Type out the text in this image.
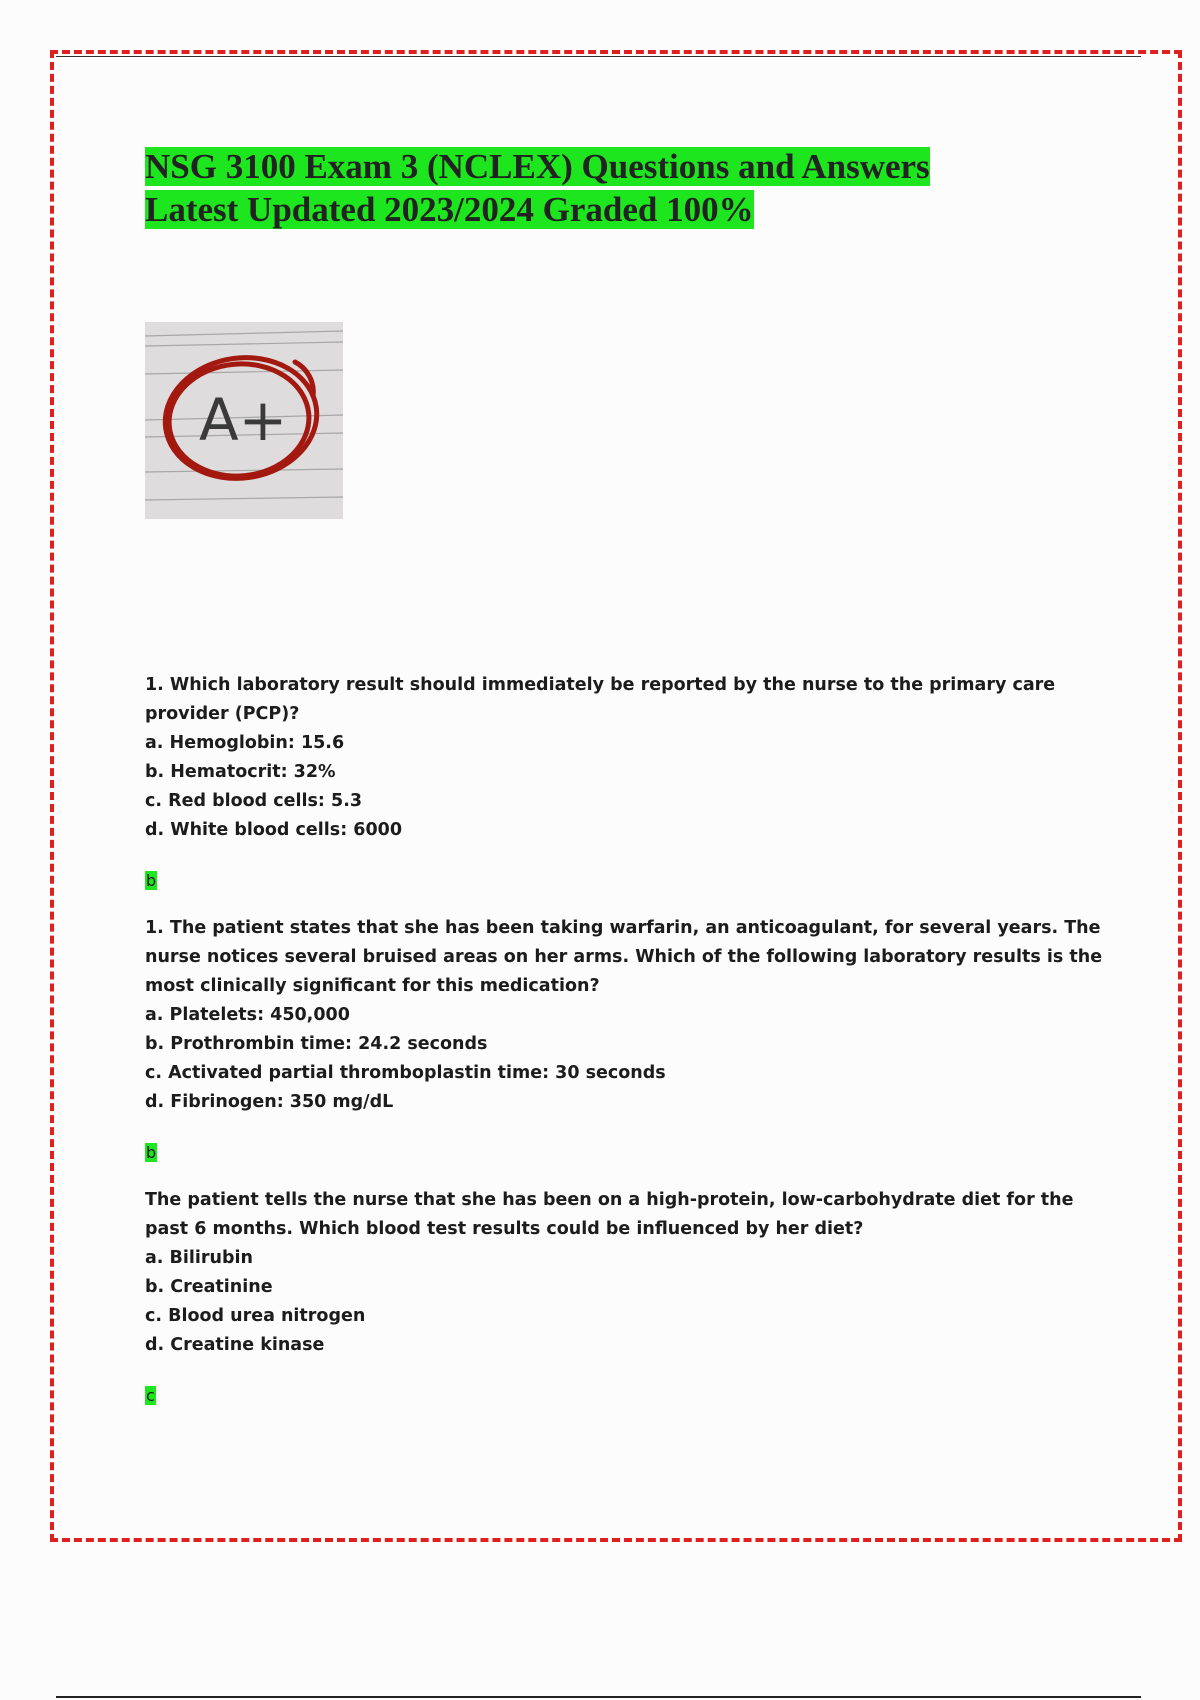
NSG 3100 Exam 3 (NCLEX) Questions and Answers
Latest Updated 2023/2024 Graded 100%
A+

1. Which laboratory result should immediately be reported by the nurse to the primary care provider (PCP)?

a. Hemoglobin: 15.6

b. Hematocrit: 32%

c. Red blood cells: 5.3

d. White blood cells: 6000

b

1. The patient states that she has been taking warfarin, an anticoagulant, for several years. The nurse notices several bruised areas on her arms. Which of the following laboratory results is the most clinically significant for this medication?

a. Platelets: 450,000

b. Prothrombin time: 24.2 seconds

c. Activated partial thromboplastin time: 30 seconds

d. Fibrinogen: 350 mg/dL

b

The patient tells the nurse that she has been on a high-protein, low-carbohydrate diet for the past 6 months. Which blood test results could be influenced by her diet?

a. Bilirubin

b. Creatinine

c. Blood urea nitrogen

d. Creatine kinase

c
